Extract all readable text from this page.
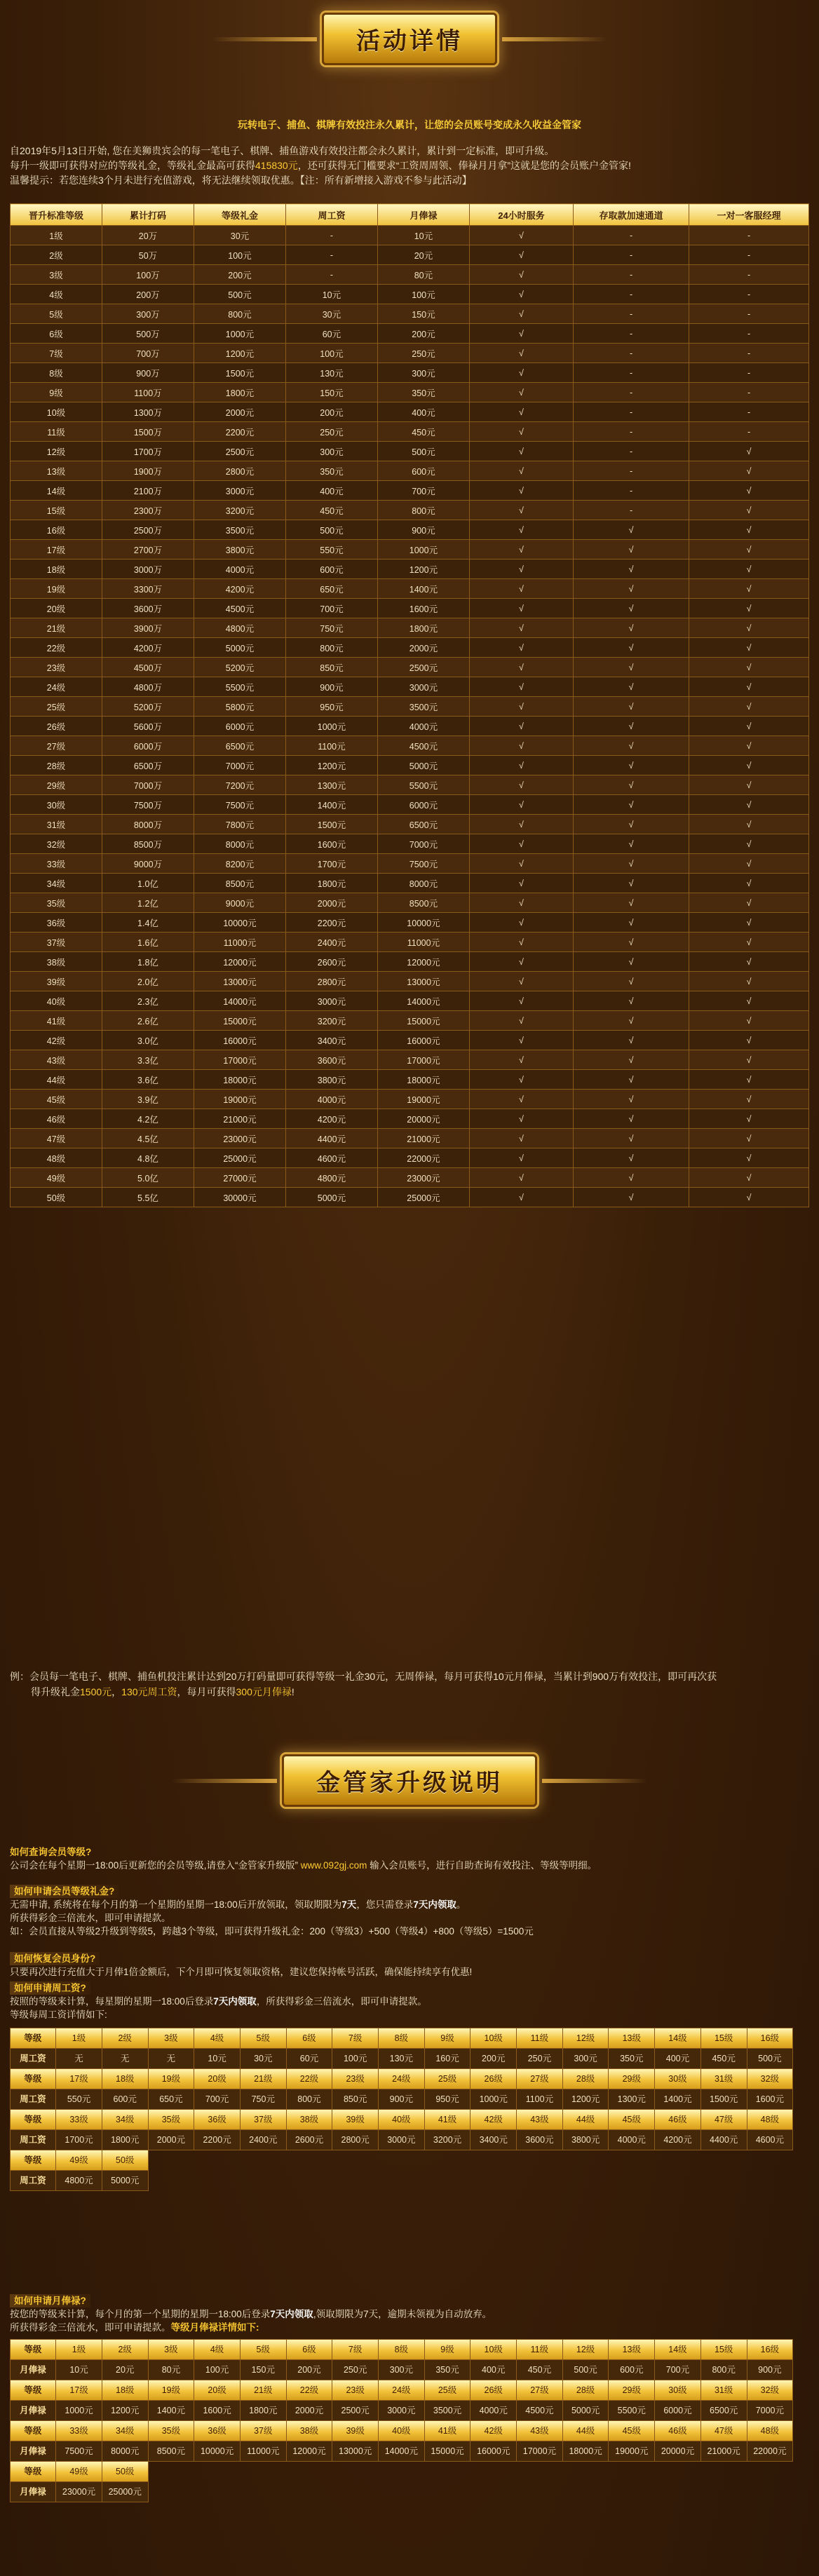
活动详情
玩转电子、捕鱼、棋牌有效投注永久累计，让您的会员账号变成永久收益金管家
自2019年5月13日开始, 您在美狮贵宾会的每一笔电子、棋牌、捕鱼游戏有效投注都会永久累计，累计到一定标准，即可升级。
每升一级即可获得对应的等级礼金，等级礼金最高可获得415830元，还可获得无门槛要求“工资周周领、俸禄月月拿”这就是您的会员账户金管家!
温馨提示：若您连续3个月未进行充值游戏，将无法继续领取优惠。【注：所有新增接入游戏不参与此活动】
晋升标准等级	累计打码	等级礼金	周工资	月俸禄	24小时服务	存取款加速通道	一对一客服经理
1级	20万	30元	-	10元	√	-	-
2级	50万	100元	-	20元	√	-	-
3级	100万	200元	-	80元	√	-	-
4级	200万	500元	10元	100元	√	-	-
5级	300万	800元	30元	150元	√	-	-
6级	500万	1000元	60元	200元	√	-	-
7级	700万	1200元	100元	250元	√	-	-
8级	900万	1500元	130元	300元	√	-	-
9级	1100万	1800元	150元	350元	√	-	-
10级	1300万	2000元	200元	400元	√	-	-
11级	1500万	2200元	250元	450元	√	-	-
12级	1700万	2500元	300元	500元	√	-	√
13级	1900万	2800元	350元	600元	√	-	√
14级	2100万	3000元	400元	700元	√	-	√
15级	2300万	3200元	450元	800元	√	-	√
16级	2500万	3500元	500元	900元	√	√	√
17级	2700万	3800元	550元	1000元	√	√	√
18级	3000万	4000元	600元	1200元	√	√	√
19级	3300万	4200元	650元	1400元	√	√	√
20级	3600万	4500元	700元	1600元	√	√	√
21级	3900万	4800元	750元	1800元	√	√	√
22级	4200万	5000元	800元	2000元	√	√	√
23级	4500万	5200元	850元	2500元	√	√	√
24级	4800万	5500元	900元	3000元	√	√	√
25级	5200万	5800元	950元	3500元	√	√	√
26级	5600万	6000元	1000元	4000元	√	√	√
27级	6000万	6500元	1100元	4500元	√	√	√
28级	6500万	7000元	1200元	5000元	√	√	√
29级	7000万	7200元	1300元	5500元	√	√	√
30级	7500万	7500元	1400元	6000元	√	√	√
31级	8000万	7800元	1500元	6500元	√	√	√
32级	8500万	8000元	1600元	7000元	√	√	√
33级	9000万	8200元	1700元	7500元	√	√	√
34级	1.0亿	8500元	1800元	8000元	√	√	√
35级	1.2亿	9000元	2000元	8500元	√	√	√
36级	1.4亿	10000元	2200元	10000元	√	√	√
37级	1.6亿	11000元	2400元	11000元	√	√	√
38级	1.8亿	12000元	2600元	12000元	√	√	√
39级	2.0亿	13000元	2800元	13000元	√	√	√
40级	2.3亿	14000元	3000元	14000元	√	√	√
41级	2.6亿	15000元	3200元	15000元	√	√	√
42级	3.0亿	16000元	3400元	16000元	√	√	√
43级	3.3亿	17000元	3600元	17000元	√	√	√
44级	3.6亿	18000元	3800元	18000元	√	√	√
45级	3.9亿	19000元	4000元	19000元	√	√	√
46级	4.2亿	21000元	4200元	20000元	√	√	√
47级	4.5亿	23000元	4400元	21000元	√	√	√
48级	4.8亿	25000元	4600元	22000元	√	√	√
49级	5.0亿	27000元	4800元	23000元	√	√	√
50级	5.5亿	30000元	5000元	25000元	√	√	√
例：会员每一笔电子、棋牌、捕鱼机投注累计达到20万打码量即可获得等级一礼金30元，无周俸禄，每月可获得10元月俸禄，当累计到900万有效投注，即可再次获
得升级礼金1500元，130元周工资，每月可获得300元月俸禄!
金管家升级说明
如何查询会员等级?
公司会在每个星期一18:00后更新您的会员等级,请登入“金管家升级版” www.092gj.com 输入会员账号，进行自助查询有效投注、等级等明细。
如何申请会员等级礼金?
无需申请, 系统将在每个月的第一个星期的星期一18:00后开放领取，领取期限为7天，您只需登录7天内领取。
所获得彩金三倍流水，即可申请提款。
如：会员直接从等级2升级到等级5，跨越3个等级，即可获得升级礼金：200（等级3）+500（等级4）+800（等级5）=1500元
如何恢复会员身份?
只要再次进行充值大于月俸1倍金额后，下个月即可恢复领取资格，建议您保持帐号活跃，确保能持续享有优惠!
如何申请周工资?
按照的等级来计算，每星期的星期一18:00后登录7天内领取，所获得彩金三倍流水，即可申请提款。
等级每周工资详情如下:
等级	1级	2级	3级	4级	5级	6级	7级	8级	9级	10级	11级	12级	13级	14级	15级	16级
周工资	无	无	无	10元	30元	60元	100元	130元	160元	200元	250元	300元	350元	400元	450元	500元
等级	17级	18级	19级	20级	21级	22级	23级	24级	25级	26级	27级	28级	29级	30级	31级	32级
周工资	550元	600元	650元	700元	750元	800元	850元	900元	950元	1000元	1100元	1200元	1300元	1400元	1500元	1600元
等级	33级	34级	35级	36级	37级	38级	39级	40级	41级	42级	43级	44级	45级	46级	47级	48级
周工资	1700元	1800元	2000元	2200元	2400元	2600元	2800元	3000元	3200元	3400元	3600元	3800元	4000元	4200元	4400元	4600元
等级	49级	50级
周工资	4800元	5000元
如何申请月俸禄?
按您的等级来计算，每个月的第一个星期的星期一18:00后登录7天内领取,领取期限为7天，逾期未领视为自动放弃。
所获得彩金三倍流水，即可申请提款。等级月俸禄详情如下:
等级	1级	2级	3级	4级	5级	6级	7级	8级	9级	10级	11级	12级	13级	14级	15级	16级
月俸禄	10元	20元	80元	100元	150元	200元	250元	300元	350元	400元	450元	500元	600元	700元	800元	900元
等级	17级	18级	19级	20级	21级	22级	23级	24级	25级	26级	27级	28级	29级	30级	31级	32级
月俸禄	1000元	1200元	1400元	1600元	1800元	2000元	2500元	3000元	3500元	4000元	4500元	5000元	5500元	6000元	6500元	7000元
等级	33级	34级	35级	36级	37级	38级	39级	40级	41级	42级	43级	44级	45级	46级	47级	48级
月俸禄	7500元	8000元	8500元	10000元	11000元	12000元	13000元	14000元	15000元	16000元	17000元	18000元	19000元	20000元	21000元	22000元
等级	49级	50级
月俸禄	23000元	25000元
